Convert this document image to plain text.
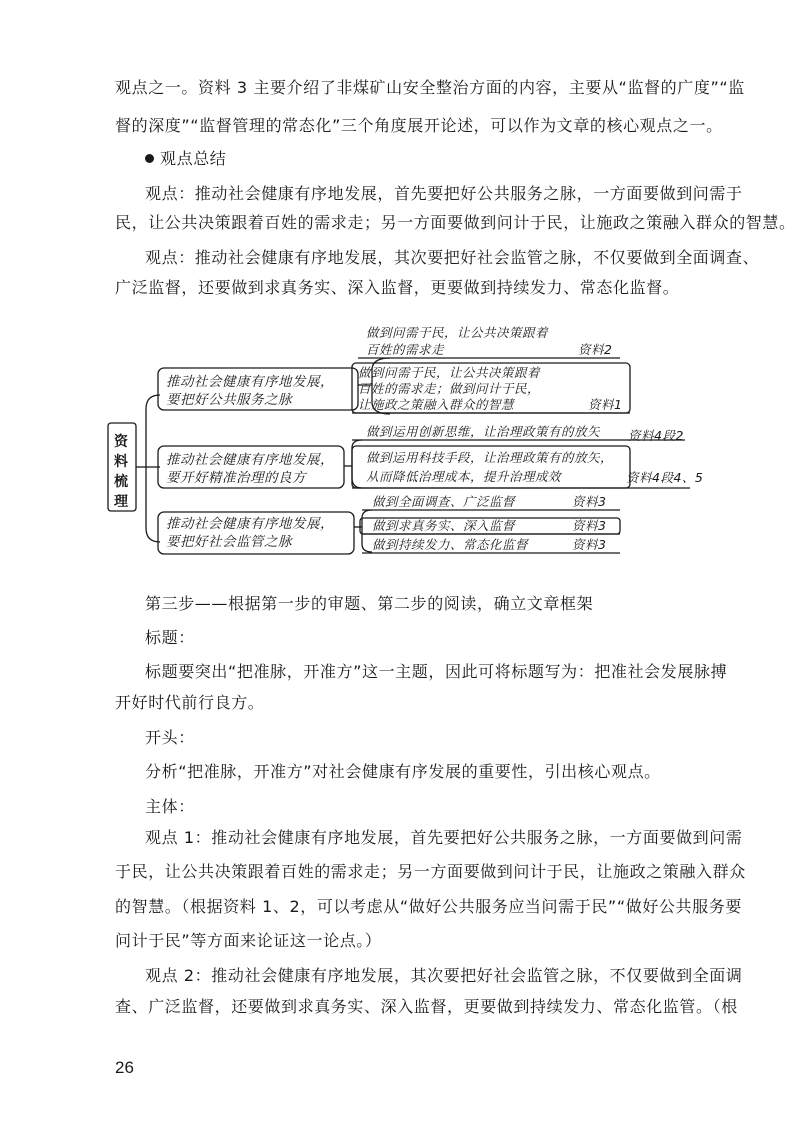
观点之一。资料 3 主要介绍了非煤矿山安全整治方面的内容，主要从“监督的广度”“监
督的深度”“监督管理的常态化”三个角度展开论述，可以作为文章的核心观点之一。
观点总结
观点：推动社会健康有序地发展，首先要把好公共服务之脉，一方面要做到问需于
民，让公共决策跟着百姓的需求走；另一方面要做到问计于民，让施政之策融入群众的智慧。
观点：推动社会健康有序地发展，其次要把好社会监管之脉，不仅要做到全面调查、
广泛监督，还要做到求真务实、深入监督，更要做到持续发力、常态化监督。
资
料
梳
理
推动社会健康有序地发展，
要把好公共服务之脉
做到问需于民，让公共决策跟着
百姓的需求走	资料2
做到问需于民，让公共决策跟着
百姓的需求走；做到问计于民，
让施政之策融入群众的智慧	资料1
推动社会健康有序地发展，
要开好精准治理的良方
做到运用创新思维，让治理政策有的放矢 资料4段2
做到运用科技手段，让治理政策有的放矢，
从而降低治理成本，提升治理成效	资料4段4、5
推动社会健康有序地发展，
要把好社会监管之脉
做到全面调查、广泛监督	资料3
做到求真务实、深入监督	资料3
做到持续发力、常态化监督	资料3
第三步——根据第一步的审题、第二步的阅读，确立文章框架
标题：
标题要突出“把准脉，开准方”这一主题，因此可将标题写为：把准社会发展脉搏
开好时代前行良方。
开头：
分析“把准脉，开准方”对社会健康有序发展的重要性，引出核心观点。
主体：
观点 1：推动社会健康有序地发展，首先要把好公共服务之脉，一方面要做到问需
于民，让公共决策跟着百姓的需求走；另一方面要做到问计于民，让施政之策融入群众
的智慧。（根据资料 1、2，可以考虑从“做好公共服务应当问需于民”“做好公共服务要
问计于民”等方面来论证这一论点。）
观点 2：推动社会健康有序地发展，其次要把好社会监管之脉，不仅要做到全面调
查、广泛监督，还要做到求真务实、深入监督，更要做到持续发力、常态化监管。（根
26
